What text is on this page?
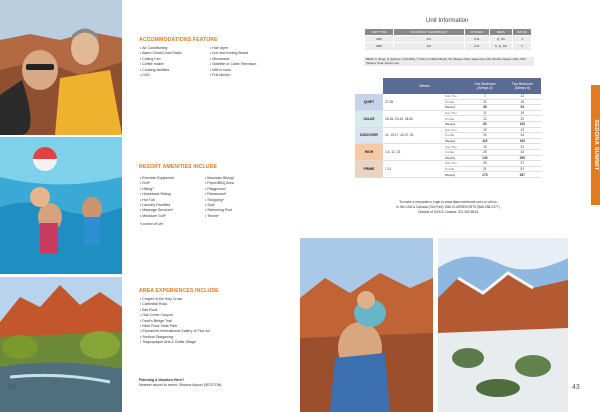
42
ACCOMMODATIONS FEATURE
• Air Conditioning
• Alarm Clock/Clock Radio
• Ceiling Fan
• Coffee maker
• Cooking facilities
• DVD
• Hair dryer
• Iron and Ironing Board
• Microwave
• Satellite or Cable Television
• Wifi in room
• Full kitchen
RESORT AMENITIES INCLUDE
• Exercise Equipment
• Golf*
• Hiking*
• Horseback Riding
• Hot Tub
• Laundry Facilities
• Massage Services*
• Miniature Golf*
• Mountain Biking*
• Picnic/BBQ Area
• Playground
• Restaurant*
• Shopping*
• Spa*
• Swimming Pool
• Tennis*
*Located off-site
AREA EXPERIENCES INCLUDE
• Chapel of the Holy Cross
• Cathedral Rock
• Bell Rock
• Oak Creek Canyon
• Devil's Bridge Trail
• Slide Rock State Park
• Exposures International Gallery of Fine Art
• Sedona Stargazing
• Tlaquepaque Arts & Crafts Village
Planning a Vacation Here?
Nearest airport to resort: Sedona Airport (SEZ/TDN)
Unit Information
UNIT TYPE	OCCUPANCY MAX/PRIVACY	KITCHEN	BEDS	BATHS
1BR	4/2	Full	Q, SS	1
2BR	6/4	Full	K, Q, SS	2
BEDS: K (King), Q (Queen), D (Double), T (Twin), M (Bunk Beds), SS (Sleeper Sofa: sleeps two), DS (Double sleeper sofa), SSS (Sleeper Sofa: sleeps one)
	Weeks		One Bedroom
(Sleeps 4)	Two Bedroom
(Sleeps 6)
QUIET	27-35	Sun-Thu	7	12
		Fri-Sat	11	16
		Weekly	58	94
VALUE	18-26, 29-43, 48-50	Sun-Thu	11	19
		Fri-Sat	12	22
		Weekly	80	140
DISCOVER	14, 15-17, 42-47, 51	Sun-Thu	15	23
		Fri-Sat	20	34
		Weekly	115	190
HIGH	2-6, 12, 23	Sun-Thu	19	31
		Fri-Sat	25	42
		Weekly	140	259
PRIME	7-11	Sun-Thu	25	37
		Fri-Sat	31	51
		Weekly	175	287
To make a reservation, login to www.diamondresorts.com or call us
In the USA & Canada (Toll-Free): 866.CLUBRESORTS (866.258.2377)
Outside of USA & Canada: 321.250.6518
43
SEDONA SUMMIT
